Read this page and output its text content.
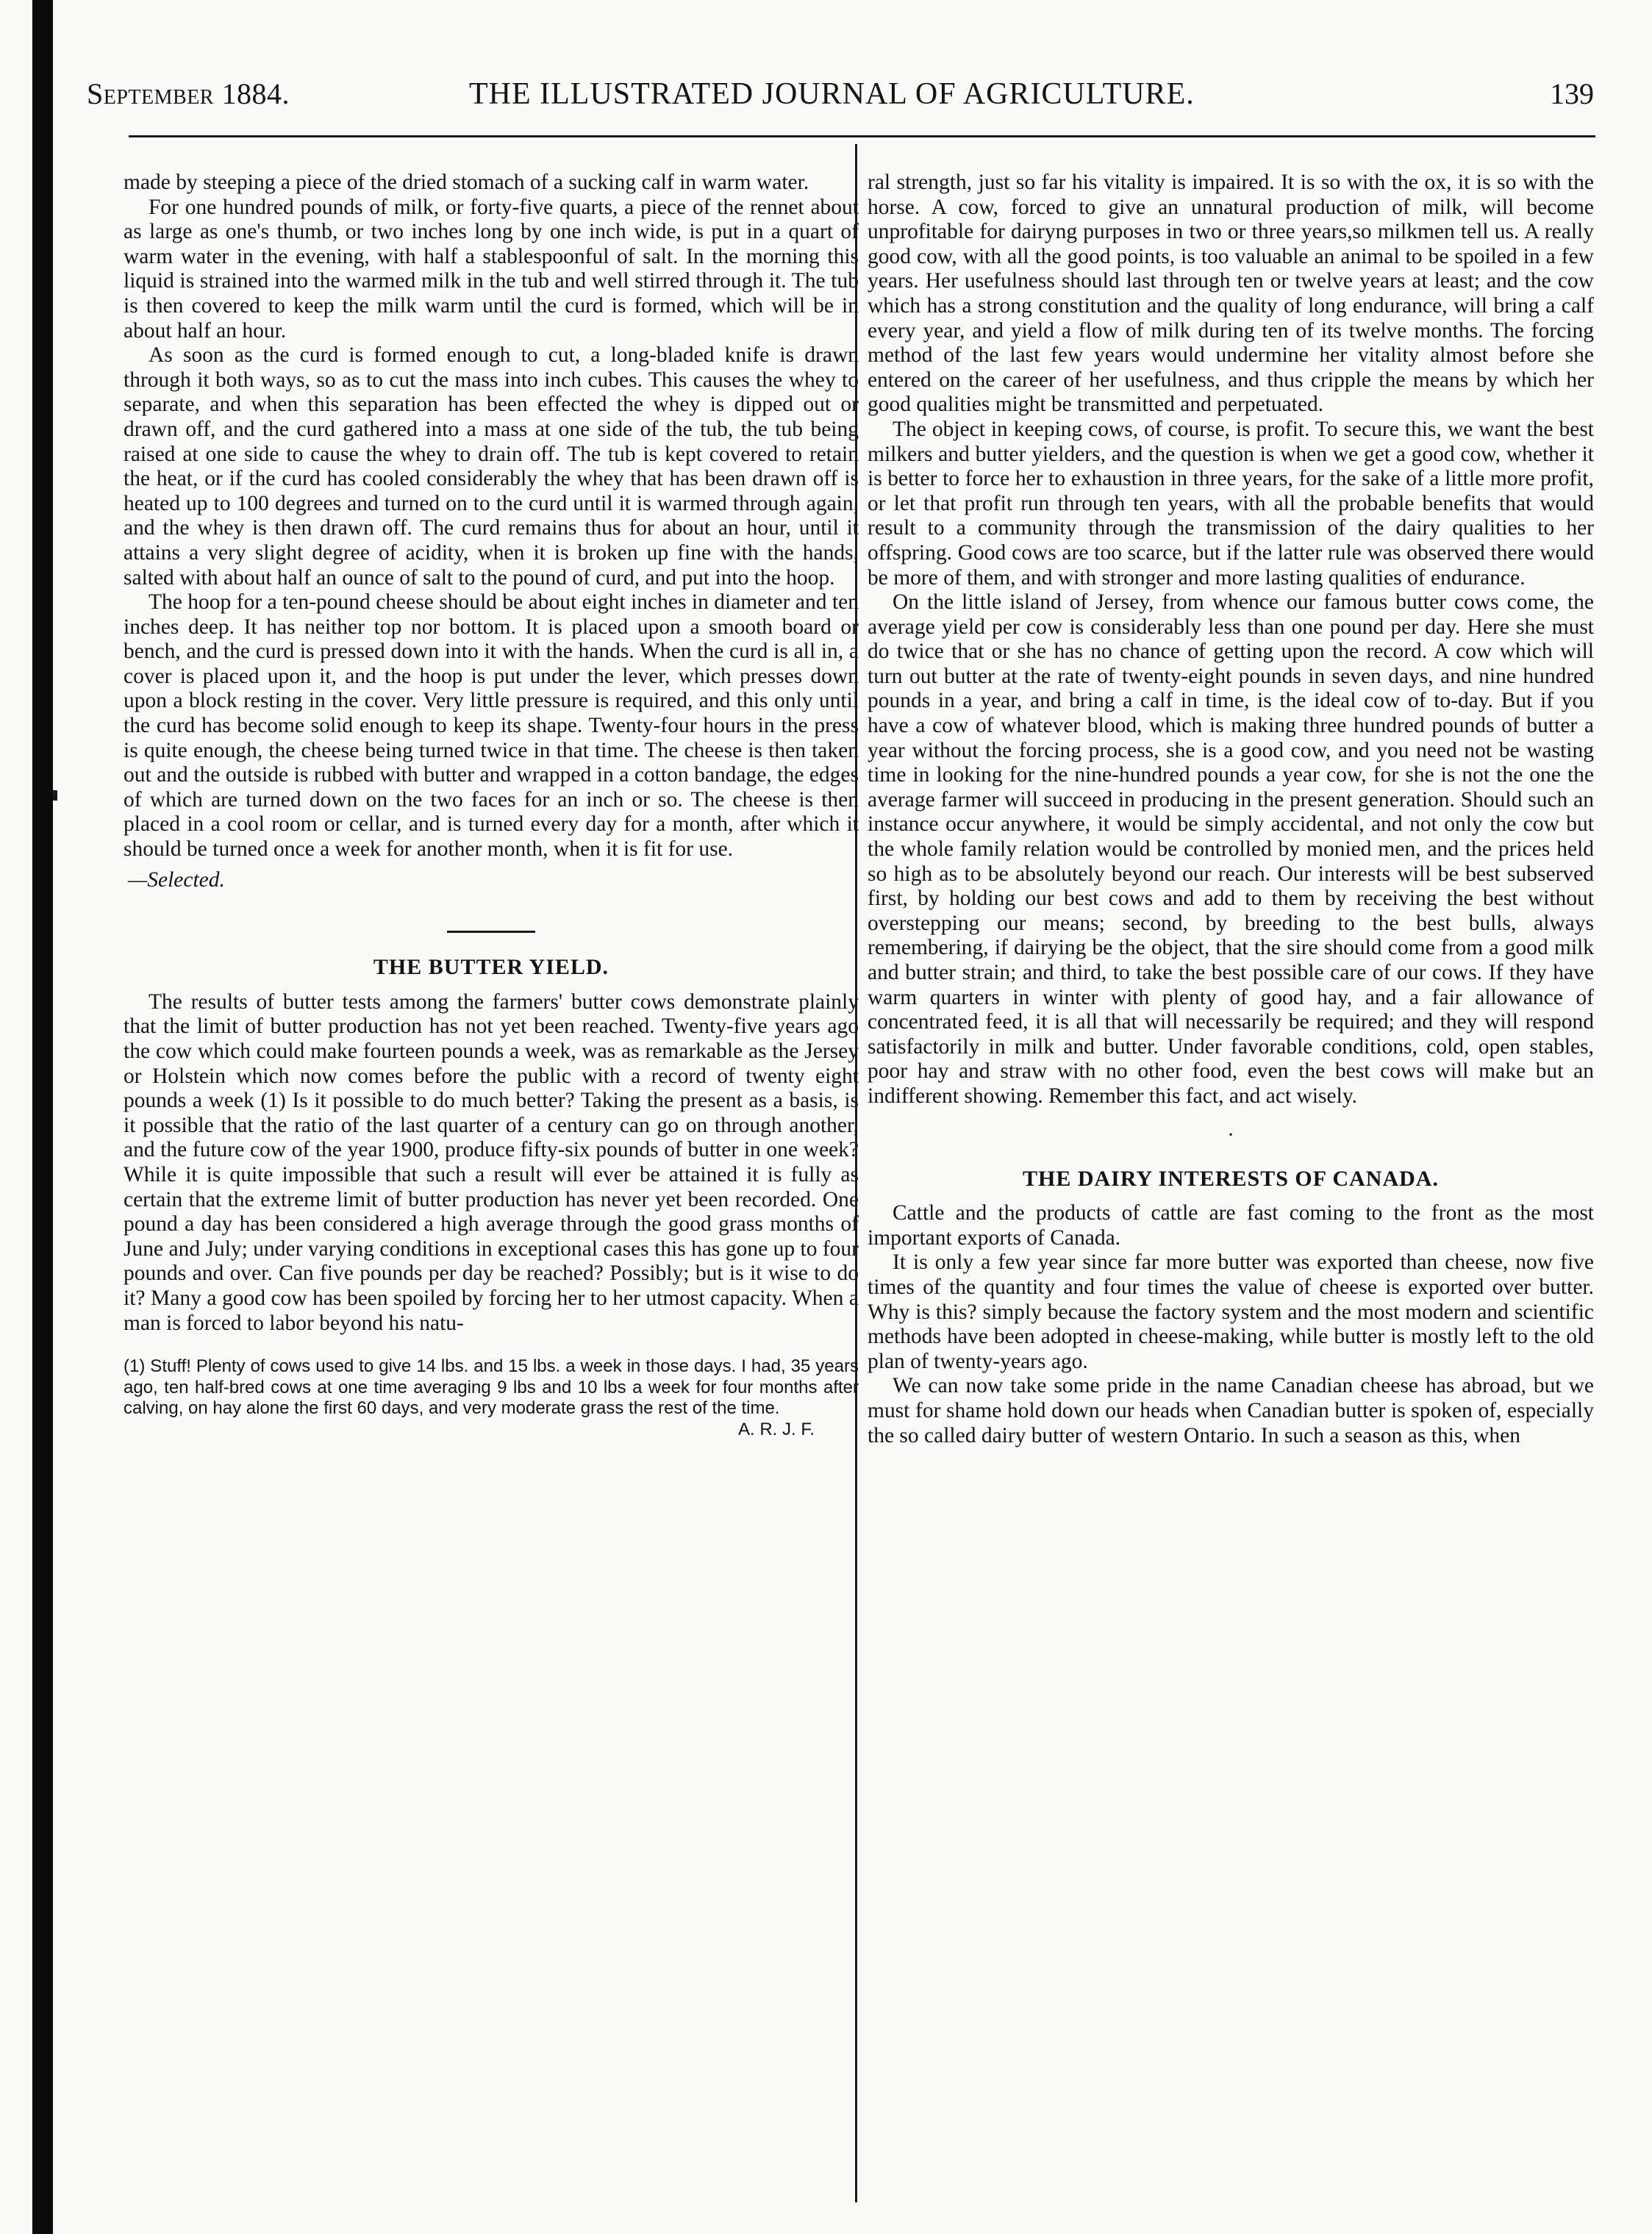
September 1884.	THE ILLUSTRATED JOURNAL OF AGRICULTURE.	139

made by steeping a piece of the dried stomach of a sucking calf in warm water.

For one hundred pounds of milk, or forty-five quarts, a piece of the rennet about as large as one's thumb, or two inches long by one inch wide, is put in a quart of warm water in the evening, with half a stablespoonful of salt. In the morning this liquid is strained into the warmed milk in the tub and well stirred through it. The tub is then covered to keep the milk warm until the curd is formed, which will be in about half an hour.

As soon as the curd is formed enough to cut, a long-bladed knife is drawn through it both ways, so as to cut the mass into inch cubes. This causes the whey to separate, and when this separation has been effected the whey is dipped out or drawn off, and the curd gathered into a mass at one side of the tub, the tub being raised at one side to cause the whey to drain off. The tub is kept covered to retain the heat, or if the curd has cooled considerably the whey that has been drawn off is heated up to 100 degrees and turned on to the curd until it is warmed through again, and the whey is then drawn off. The curd remains thus for about an hour, until it attains a very slight degree of acidity, when it is broken up fine with the hands, salted with about half an ounce of salt to the pound of curd, and put into the hoop.

The hoop for a ten-pound cheese should be about eight inches in diameter and ten inches deep. It has neither top nor bottom. It is placed upon a smooth board or bench, and the curd is pressed down into it with the hands. When the curd is all in, a cover is placed upon it, and the hoop is put under the lever, which presses down upon a block resting in the cover. Very little pressure is required, and this only until the curd has become solid enough to keep its shape. Twenty-four hours in the press is quite enough, the cheese being turned twice in that time. The cheese is then taken out and the outside is rubbed with butter and wrapped in a cotton bandage, the edges of which are turned down on the two faces for an inch or so. The cheese is then placed in a cool room or cellar, and is turned every day for a month, after which it should be turned once a week for another month, when it is fit for use.

—Selected.

THE BUTTER YIELD.

The results of butter tests among the farmers' butter cows demonstrate plainly that the limit of butter production has not yet been reached. Twenty-five years ago the cow which could make fourteen pounds a week, was as remarkable as the Jersey or Holstein which now comes before the public with a record of twenty eight pounds a week (1) Is it possible to do much better? Taking the present as a basis, is it possible that the ratio of the last quarter of a century can go on through another, and the future cow of the year 1900, produce fifty-six pounds of butter in one week? While it is quite impossible that such a result will ever be attained it is fully as certain that the extreme limit of butter production has never yet been recorded. One pound a day has been considered a high average through the good grass months of June and July; under varying conditions in exceptional cases this has gone up to four pounds and over. Can five pounds per day be reached? Possibly; but is it wise to do it? Many a good cow has been spoiled by forcing her to her utmost capacity. When a man is forced to labor beyond his natu-

(1) Stuff! Plenty of cows used to give 14 lbs. and 15 lbs. a week in those days. I had, 35 years ago, ten half-bred cows at one time averaging 9 lbs and 10 lbs a week for four months after calving, on hay alone the first 60 days, and very moderate grass the rest of the time.
A. R. J. F.

ral strength, just so far his vitality is impaired. It is so with the ox, it is so with the horse. A cow, forced to give an unnatural production of milk, will become unprofitable for dairyng purposes in two or three years,so milkmen tell us. A really good cow, with all the good points, is too valuable an animal to be spoiled in a few years. Her usefulness should last through ten or twelve years at least; and the cow which has a strong constitution and the quality of long endurance, will bring a calf every year, and yield a flow of milk during ten of its twelve months. The forcing method of the last few years would undermine her vitality almost before she entered on the career of her usefulness, and thus cripple the means by which her good qualities might be transmitted and perpetuated.

The object in keeping cows, of course, is profit. To secure this, we want the best milkers and butter yielders, and the question is when we get a good cow, whether it is better to force her to exhaustion in three years, for the sake of a little more profit, or let that profit run through ten years, with all the probable benefits that would result to a community through the transmission of the dairy qualities to her offspring. Good cows are too scarce, but if the latter rule was observed there would be more of them, and with stronger and more lasting qualities of endurance.

On the little island of Jersey, from whence our famous butter cows come, the average yield per cow is considerably less than one pound per day. Here she must do twice that or she has no chance of getting upon the record. A cow which will turn out butter at the rate of twenty-eight pounds in seven days, and nine hundred pounds in a year, and bring a calf in time, is the ideal cow of to-day. But if you have a cow of whatever blood, which is making three hundred pounds of butter a year without the forcing process, she is a good cow, and you need not be wasting time in looking for the nine-hundred pounds a year cow, for she is not the one the average farmer will succeed in producing in the present generation. Should such an instance occur anywhere, it would be simply accidental, and not only the cow but the whole family relation would be controlled by monied men, and the prices held so high as to be absolutely beyond our reach. Our interests will be best subserved first, by holding our best cows and add to them by receiving the best without overstepping our means; second, by breeding to the best bulls, always remembering, if dairying be the object, that the sire should come from a good milk and butter strain; and third, to take the best possible care of our cows. If they have warm quarters in winter with plenty of good hay, and a fair allowance of concentrated feed, it is all that will necessarily be required; and they will respond satisfactorily in milk and butter. Under favorable conditions, cold, open stables, poor hay and straw with no other food, even the best cows will make but an indifferent showing. Remember this fact, and act wisely.

·

THE DAIRY INTERESTS OF CANADA.

Cattle and the products of cattle are fast coming to the front as the most important exports of Canada.

It is only a few year since far more butter was exported than cheese, now five times of the quantity and four times the value of cheese is exported over butter. Why is this? simply because the factory system and the most modern and scientific methods have been adopted in cheese-making, while butter is mostly left to the old plan of twenty-years ago.

We can now take some pride in the name Canadian cheese has abroad, but we must for shame hold down our heads when Canadian butter is spoken of, especially the so called dairy butter of western Ontario. In such a season as this, when
